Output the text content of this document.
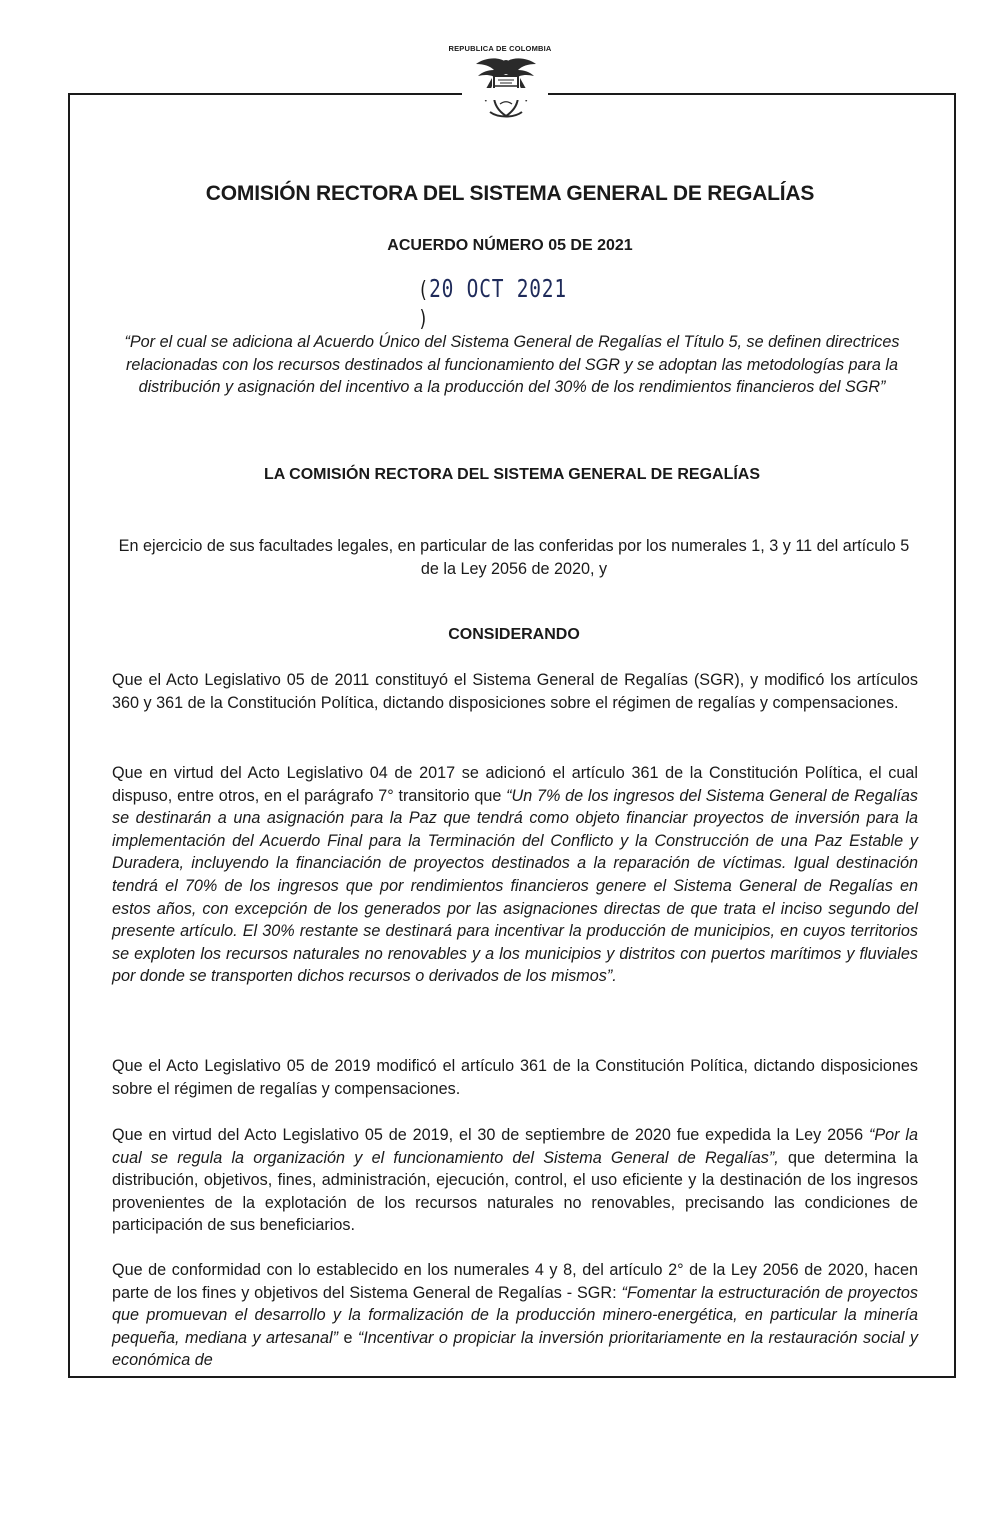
REPUBLICA DE COLOMBIA
COMISIÓN RECTORA DEL SISTEMA GENERAL DE REGALÍAS
ACUERDO NÚMERO 05 DE 2021
(20 OCT 2021 )
“Por el cual se adiciona al Acuerdo Único del Sistema General de Regalías el Título 5, se definen directrices relacionadas con los recursos destinados al funcionamiento del SGR y se adoptan las metodologías para la distribución y asignación del incentivo a la producción del 30% de los rendimientos financieros del SGR”
LA COMISIÓN RECTORA DEL SISTEMA GENERAL DE REGALÍAS
En ejercicio de sus facultades legales, en particular de las conferidas por los numerales 1, 3 y 11 del artículo 5 de la Ley 2056 de 2020, y
CONSIDERANDO
Que el Acto Legislativo 05 de 2011 constituyó el Sistema General de Regalías (SGR), y modificó los artículos 360 y 361 de la Constitución Política, dictando disposiciones sobre el régimen de regalías y compensaciones.
Que en virtud del Acto Legislativo 04 de 2017 se adicionó el artículo 361 de la Constitución Política, el cual dispuso, entre otros, en el parágrafo 7° transitorio que “Un 7% de los ingresos del Sistema General de Regalías se destinarán a una asignación para la Paz que tendrá como objeto financiar proyectos de inversión para la implementación del Acuerdo Final para la Terminación del Conflicto y la Construcción de una Paz Estable y Duradera, incluyendo la financiación de proyectos destinados a la reparación de víctimas. Igual destinación tendrá el 70% de los ingresos que por rendimientos financieros genere el Sistema General de Regalías en estos años, con excepción de los generados por las asignaciones directas de que trata el inciso segundo del presente artículo. El 30% restante se destinará para incentivar la producción de municipios, en cuyos territorios se exploten los recursos naturales no renovables y a los municipios y distritos con puertos marítimos y fluviales por donde se transporten dichos recursos o derivados de los mismos”.
Que el Acto Legislativo 05 de 2019 modificó el artículo 361 de la Constitución Política, dictando disposiciones sobre el régimen de regalías y compensaciones.
Que en virtud del Acto Legislativo 05 de 2019, el 30 de septiembre de 2020 fue expedida la Ley 2056 “Por la cual se regula la organización y el funcionamiento del Sistema General de Regalías”, que determina la distribución, objetivos, fines, administración, ejecución, control, el uso eficiente y la destinación de los ingresos provenientes de la explotación de los recursos naturales no renovables, precisando las condiciones de participación de sus beneficiarios.
Que de conformidad con lo establecido en los numerales 4 y 8, del artículo 2° de la Ley 2056 de 2020, hacen parte de los fines y objetivos del Sistema General de Regalías - SGR: “Fomentar la estructuración de proyectos que promuevan el desarrollo y la formalización de la producción minero-energética, en particular la minería pequeña, mediana y artesanal” e “Incentivar o propiciar la inversión prioritariamente en la restauración social y económica de
